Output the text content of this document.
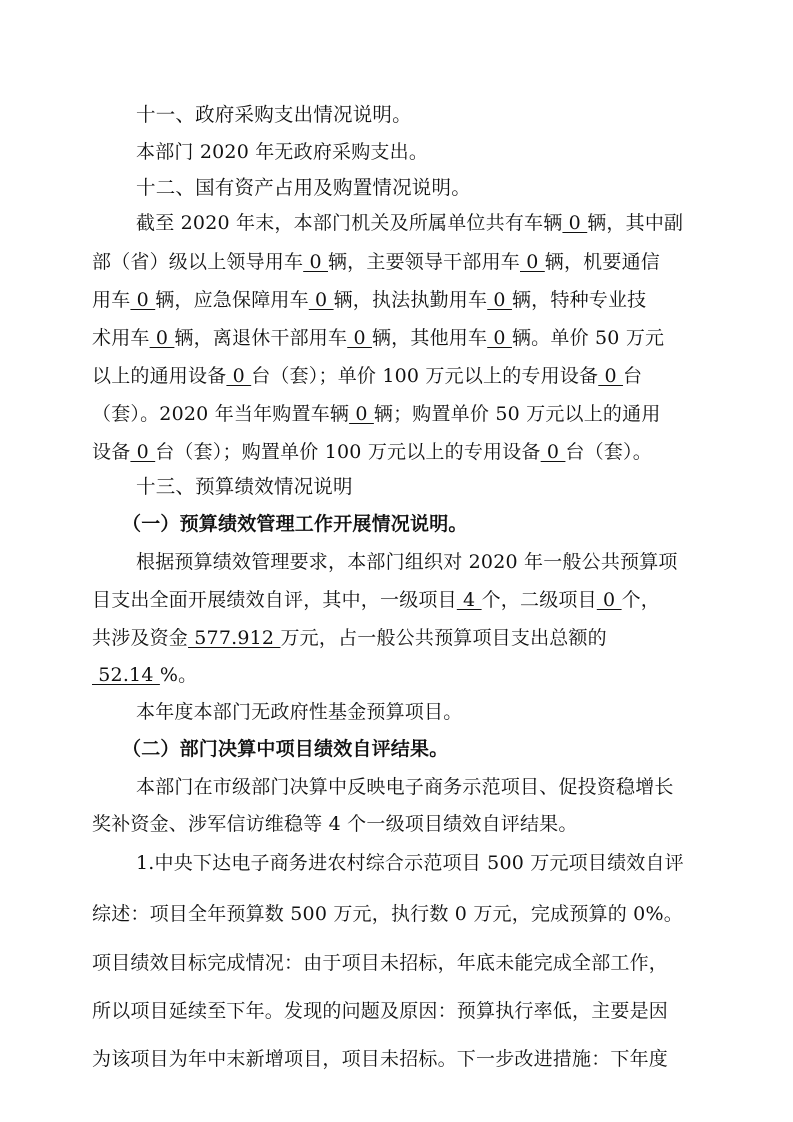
十一、政府采购支出情况说明。
本部门 2020 年无政府采购支出。
十二、国有资产占用及购置情况说明。
截至 2020 年末，本部门机关及所属单位共有车辆 0 辆，其中副
部（省）级以上领导用车 0 辆，主要领导干部用车 0 辆，机要通信
用车 0 辆，应急保障用车 0 辆，执法执勤用车 0 辆，特种专业技
术用车 0 辆，离退休干部用车 0 辆，其他用车 0 辆。单价 50 万元
以上的通用设备 0 台（套）；单价 100 万元以上的专用设备 0 台
（套）。2020 年当年购置车辆 0 辆；购置单价 50 万元以上的通用
设备 0 台（套）；购置单价 100 万元以上的专用设备 0 台（套）。
十三、预算绩效情况说明
（一）预算绩效管理工作开展情况说明。
根据预算绩效管理要求，本部门组织对 2020 年一般公共预算项
目支出全面开展绩效自评，其中，一级项目 4 个，二级项目 0 个，
共涉及资金 577.912 万元，占一般公共预算项目支出总额的
52.14 %。
本年度本部门无政府性基金预算项目。
（二）部门决算中项目绩效自评结果。
本部门在市级部门决算中反映电子商务示范项目、促投资稳增长
奖补资金、涉军信访维稳等 4 个一级项目绩效自评结果。
1.中央下达电子商务进农村综合示范项目 500 万元项目绩效自评
综述：项目全年预算数 500 万元，执行数 0 万元，完成预算的 0%。
项目绩效目标完成情况：由于项目未招标，年底未能完成全部工作，
所以项目延续至下年。发现的问题及原因：预算执行率低，主要是因
为该项目为年中末新增项目，项目未招标。下一步改进措施：下年度
